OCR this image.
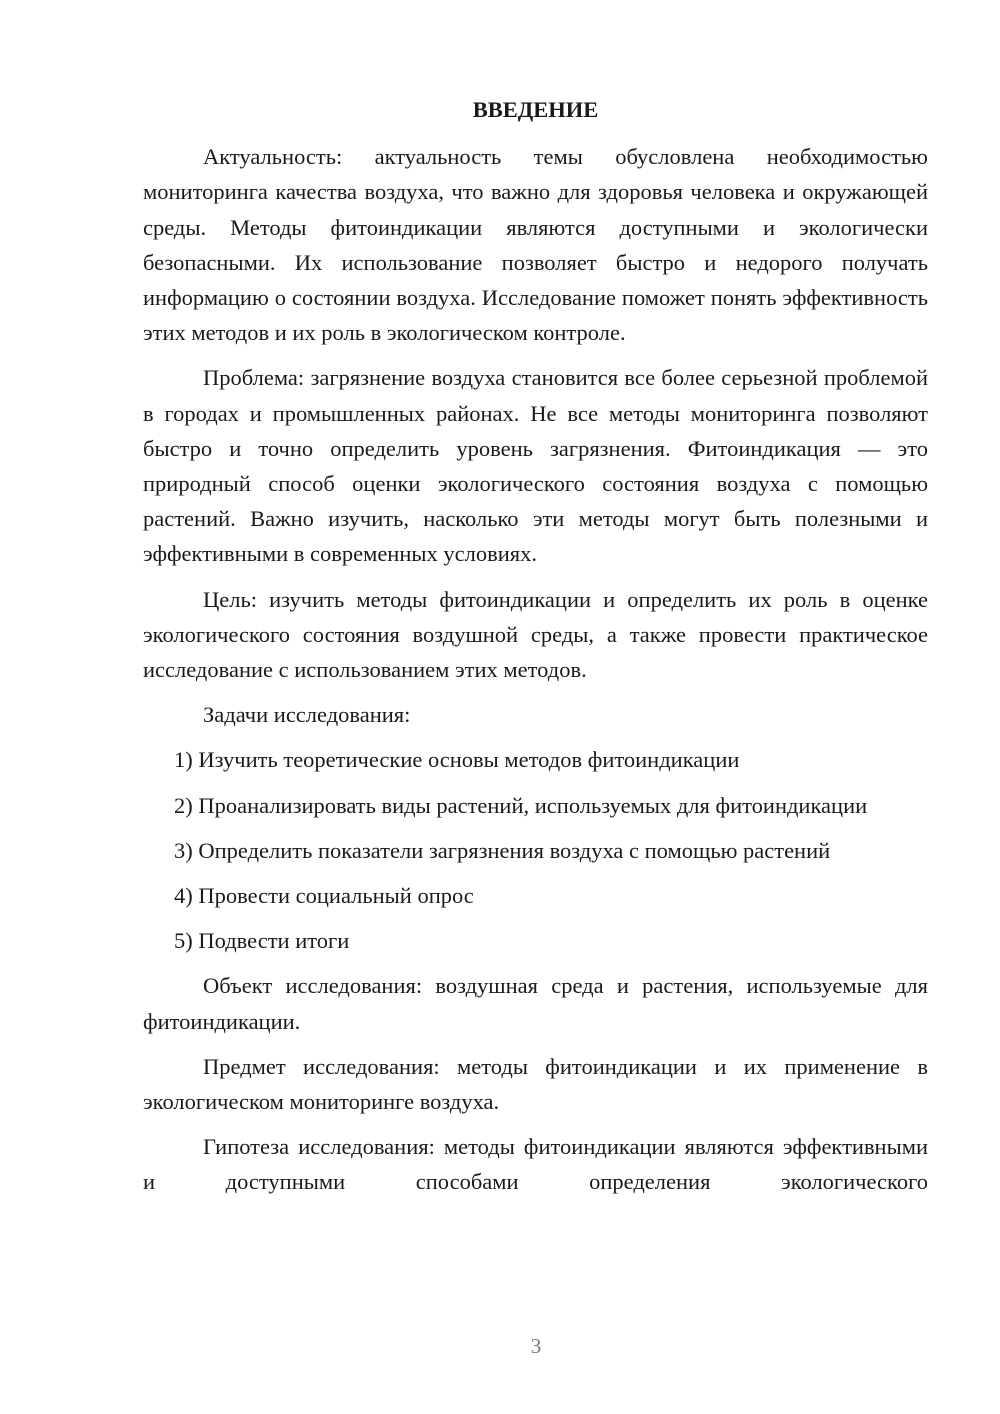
ВВЕДЕНИЕ

Актуальность: актуальность темы обусловлена необходимостью мониторинга качества воздуха, что важно для здоровья человека и окружающей среды. Методы фитоиндикации являются доступными и экологически безопасными. Их использование позволяет быстро и недорого получать информацию о состоянии воздуха. Исследование поможет понять эффективность этих методов и их роль в экологическом контроле.

Проблема: загрязнение воздуха становится все более серьезной проблемой в городах и промышленных районах. Не все методы мониторинга позволяют быстро и точно определить уровень загрязнения. Фитоиндикация — это природный способ оценки экологического состояния воздуха с помощью растений. Важно изучить, насколько эти методы могут быть полезными и эффективными в современных условиях.

Цель: изучить методы фитоиндикации и определить их роль в оценке экологического состояния воздушной среды, а также провести практическое исследование с использованием этих методов.

Задачи исследования:

1) Изучить теоретические основы методов фитоиндикации

2) Проанализировать виды растений, используемых для фитоиндикации

3) Определить показатели загрязнения воздуха с помощью растений

4) Провести социальный опрос

5) Подвести итоги

Объект исследования: воздушная среда и растения, используемые для фитоиндикации.

Предмет исследования: методы фитоиндикации и их применение в экологическом мониторинге воздуха.

Гипотеза исследования: методы фитоиндикации являются эффективными и доступными способами определения экологического

3
